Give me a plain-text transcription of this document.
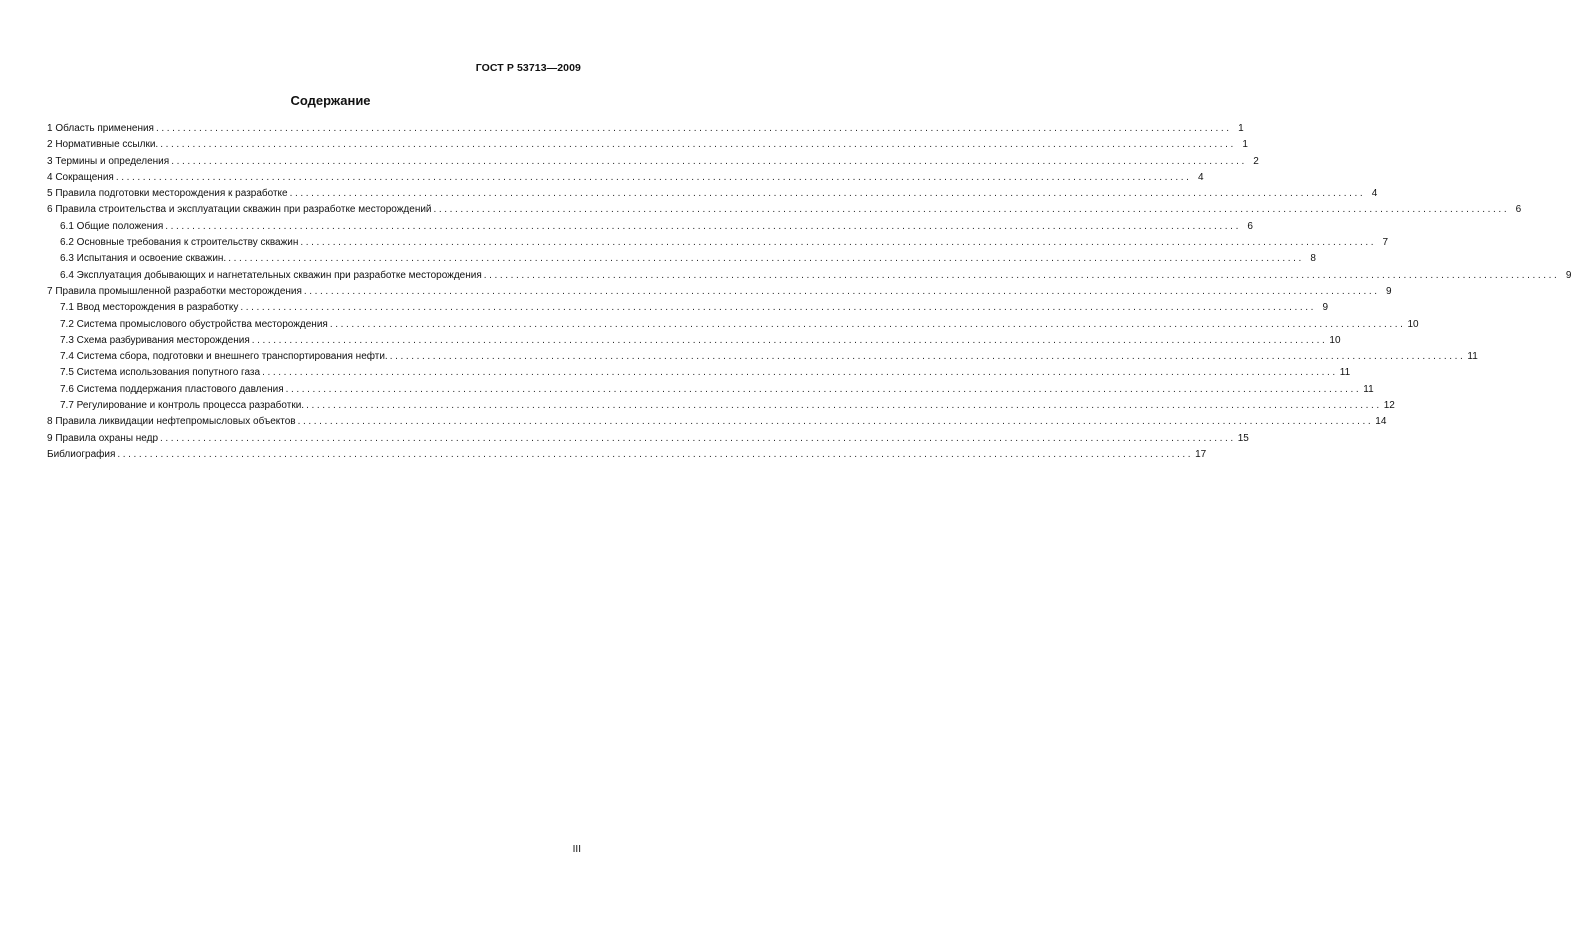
ГОСТ Р 53713—2009
Содержание
1 Область применения ........................................................................................................................................................................................................ 1
2 Нормативные ссылки. ........................................................................................................................................................................................................ 1
3 Термины и определения ........................................................................................................................................................................................................ 2
4 Сокращения ........................................................................................................................................................................................................ 4
5 Правила подготовки месторождения к разработке ........................................................................................................................................................................................................ 4
6 Правила строительства и эксплуатации скважин при разработке месторождений ........................................................................................................................................................................................................ 6
6.1 Общие положения ........................................................................................................................................................................................................ 6
6.2 Основные требования к строительству скважин ........................................................................................................................................................................................................ 7
6.3 Испытания и освоение скважин. ........................................................................................................................................................................................................ 8
6.4 Эксплуатация добывающих и нагнетательных скважин при разработке месторождения ........................................................................................................................................................................................................ 9
7 Правила промышленной разработки месторождения ........................................................................................................................................................................................................ 9
7.1 Ввод месторождения в разработку ........................................................................................................................................................................................................ 9
7.2 Система промыслового обустройства месторождения ........................................................................................................................................................................................................ 10
7.3 Схема разбуривания месторождения ........................................................................................................................................................................................................ 10
7.4 Система сбора, подготовки и внешнего транспортирования нефти. ........................................................................................................................................................................................................ 11
7.5 Система использования попутного газа ........................................................................................................................................................................................................ 11
7.6 Система поддержания пластового давления ........................................................................................................................................................................................................ 11
7.7 Регулирование и контроль процесса разработки. ........................................................................................................................................................................................................ 12
8 Правила ликвидации нефтепромысловых объектов ........................................................................................................................................................................................................ 14
9 Правила охраны недр ........................................................................................................................................................................................................ 15
Библиография ........................................................................................................................................................................................................ 17
III
